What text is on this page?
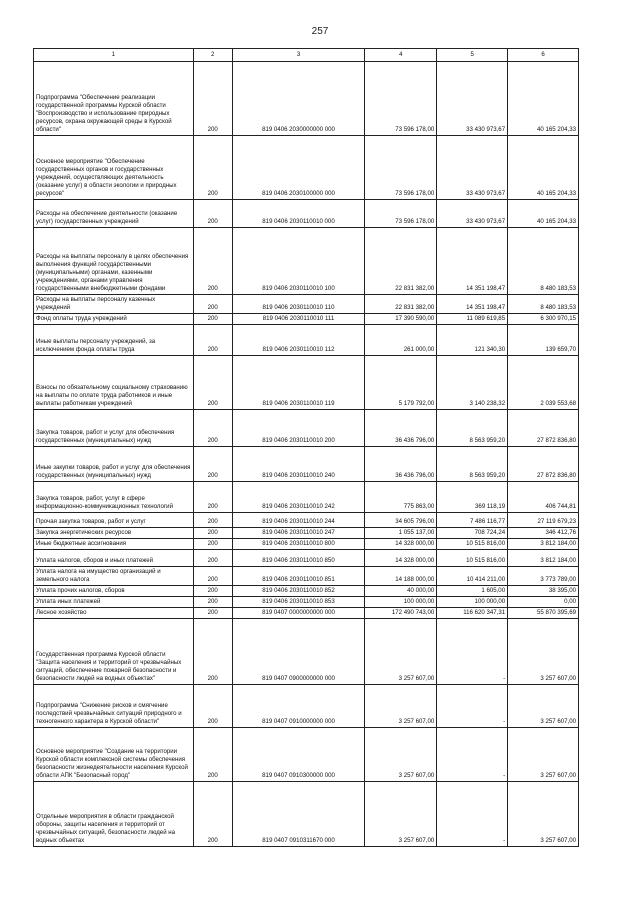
257
1	2	3	4	5	6
Подпрограмма "Обеспечение реализации государственной программы Курской области "Воспроизводство и использование природных ресурсов, охрана окружающей среды в Курской области"	200	819 0406 2030000000 000	73 596 178,00	33 430 973,67	40 165 204,33
Основное мероприятие "Обеспечение государственных органов и государственных учреждений, осуществляющих деятельность (оказание услуг) в области экологии и природных ресурсов"	200	819 0406 2030100000 000	73 596 178,00	33 430 973,67	40 165 204,33
Расходы на обеспечение деятельности (оказание услуг) государственных учреждений	200	819 0406 2030110010 000	73 596 178,00	33 430 973,67	40 165 204,33
Расходы на выплаты персоналу в целях обеспечения выполнения функций государственными (муниципальными) органами, казенными учреждениями, органами управления государственными внебюджетными фондами	200	819 0406 2030110010 100	22 831 382,00	14 351 198,47	8 480 183,53
Расходы на выплаты персоналу казенных учреждений	200	819 0406 2030110010 110	22 831 382,00	14 351 198,47	8 480 183,53
Фонд оплаты труда учреждений	200	819 0406 2030110010 111	17 390 590,00	11 089 619,85	6 300 970,15
Иные выплаты персоналу учреждений, за исключением фонда оплаты труда	200	819 0406 2030110010 112	261 000,00	121 340,30	139 659,70
Взносы по обязательному социальному страхованию на выплаты по оплате труда работников и иные выплаты работникам учреждений	200	819 0406 2030110010 119	5 179 792,00	3 140 238,32	2 039 553,68
Закупка товаров, работ и услуг для обеспечения государственных (муниципальных) нужд	200	819 0406 2030110010 200	36 436 796,00	8 563 959,20	27 872 836,80
Иные закупки товаров, работ и услуг для обеспечения государственных (муниципальных) нужд	200	819 0406 2030110010 240	36 436 796,00	8 563 959,20	27 872 836,80
Закупка товаров, работ, услуг в сфере информационно-коммуникационных технологий	200	819 0406 2030110010 242	775 863,00	369 118,19	406 744,81
Прочая закупка товаров, работ и услуг	200	819 0406 2030110010 244	34 605 796,00	7 486 116,77	27 119 679,23
Закупка энергетических ресурсов	200	819 0406 2030110010 247	1 055 137,00	708 724,24	346 412,76
Иные бюджетные ассигнования	200	819 0406 2030110010 800	14 328 000,00	10 515 816,00	3 812 184,00
Уплата налогов, сборов и иных платежей	200	819 0406 2030110010 850	14 328 000,00	10 515 816,00	3 812 184,00
Уплата налога на имущество организаций и земельного налога	200	819 0406 2030110010 851	14 188 000,00	10 414 211,00	3 773 789,00
Уплата прочих налогов, сборов	200	819 0406 2030110010 852	40 000,00	1 605,00	38 395,00
Уплата иных платежей	200	819 0406 2030110010 853	100 000,00	100 000,00	0,00
Лесное хозяйство	200	819 0407 0000000000 000	172 490 743,00	116 620 347,31	55 870 395,69
Государственная программа Курской области "Защита населения и территорий от чрезвычайных ситуаций, обеспечение пожарной безопасности и безопасности людей на водных объектах"	200	819 0407 0900000000 000	3 257 607,00	-	3 257 607,00
Подпрограмма "Снижение рисков и смягчение последствий чрезвычайных ситуаций природного и техногенного характера в Курской области"	200	819 0407 0910000000 000	3 257 607,00	-	3 257 607,00
Основное мероприятие "Создание на территории Курской области комплексной системы обеспечения безопасности жизнедеятельности населения Курской области АПК "Безопасный город"	200	819 0407 0910300000 000	3 257 607,00	-	3 257 607,00
Отдельные мероприятия в области гражданской обороны, защиты населения и территорий от чрезвычайных ситуаций, безопасности людей на водных объектах	200	819 0407 0910311670 000	3 257 607,00	-	3 257 607,00
